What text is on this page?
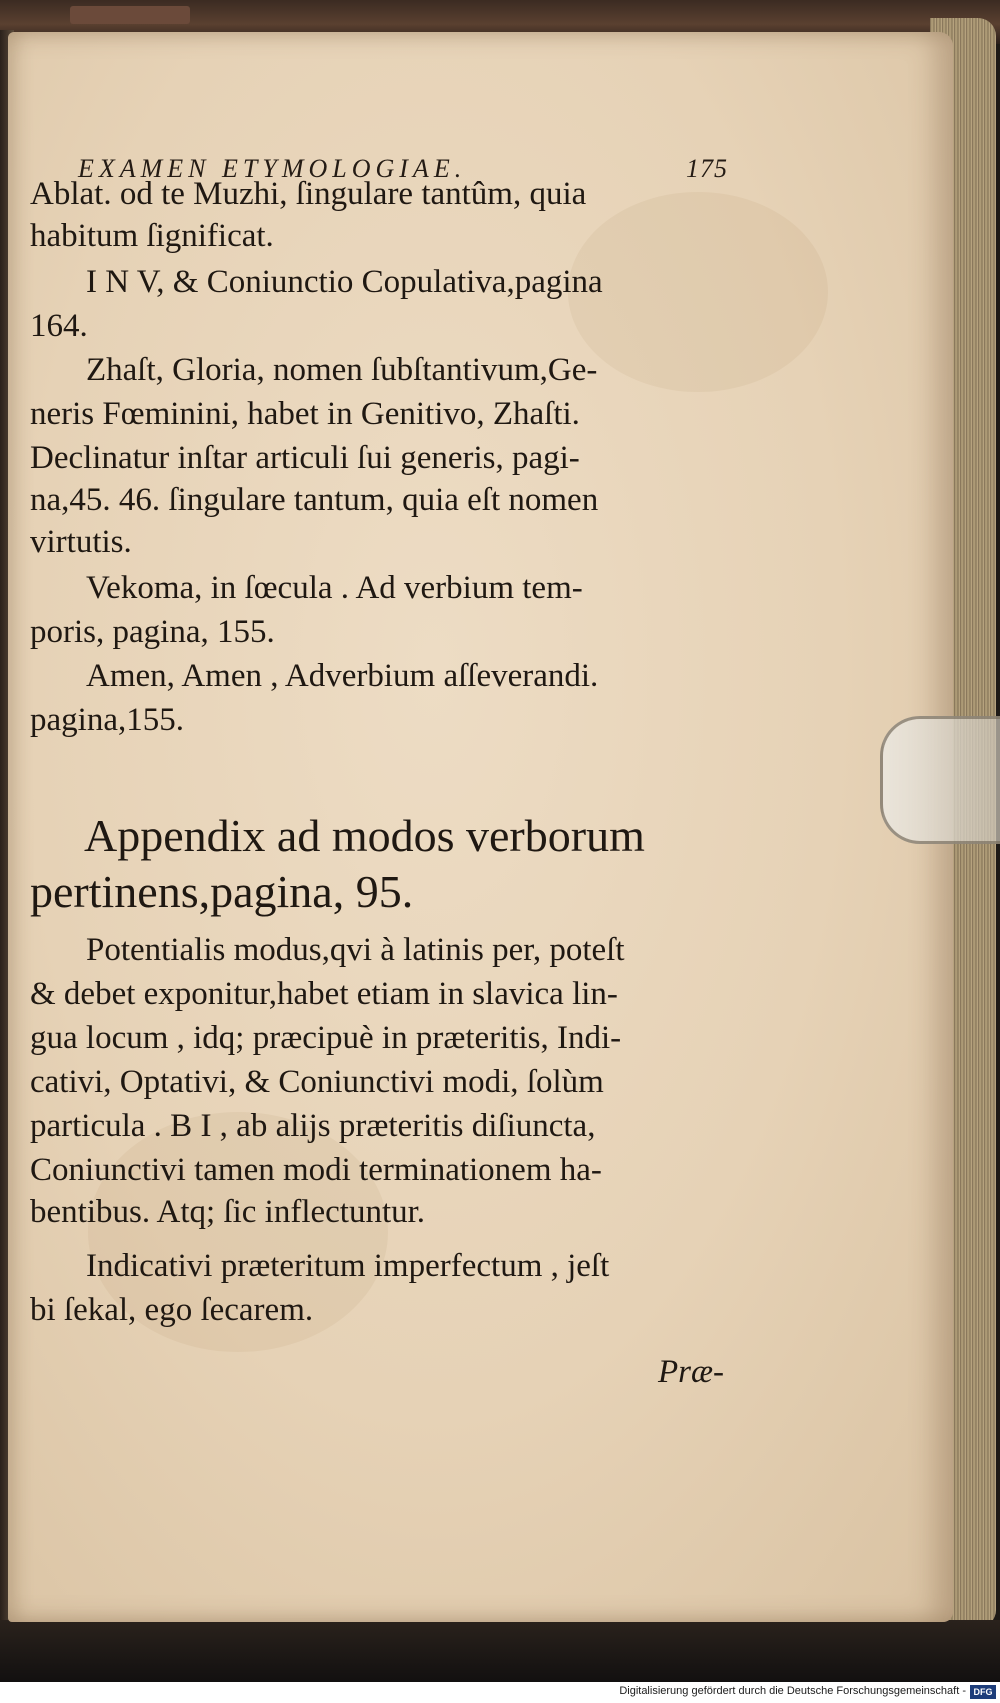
EXAMEN ETYMOLOGIAE.	175
Ablat. od te Muzhi, ſingulare tantûm, quia
habitum ſignificat.
I N V, & Coniunctio Copulativa,pagina
164.
Zhaſt, Gloria, nomen ſubſtantivum,Ge-
neris Fœminini, habet in Genitivo, Zhaſti.
Declinatur inſtar articuli ſui generis, pagi-
na,45. 46. ſingulare tantum, quia eſt nomen
virtutis.
Vekoma, in ſœcula . Ad verbium tem-
poris, pagina, 155.
Amen, Amen , Adverbium aſſeverandi.
pagina,155.
Appendix ad modos verborum
pertinens,pagina, 95.
Potentialis modus,qvi à latinis per, poteſt
& debet exponitur,habet etiam in slavica lin-
gua locum , idq; præcipuè in præteritis, Indi-
cativi, Optativi, & Coniunctivi modi, ſolùm
particula . B I , ab alijs præteritis diſiuncta,
Coniunctivi tamen modi terminationem ha-
bentibus. Atq; ſic inflectuntur.
Indicativi præteritum imperfectum , jeſt
bi ſekal, ego ſecarem.
Præ-
Digitalisierung gefördert durch die Deutsche Forschungsgemeinschaft - DFG
